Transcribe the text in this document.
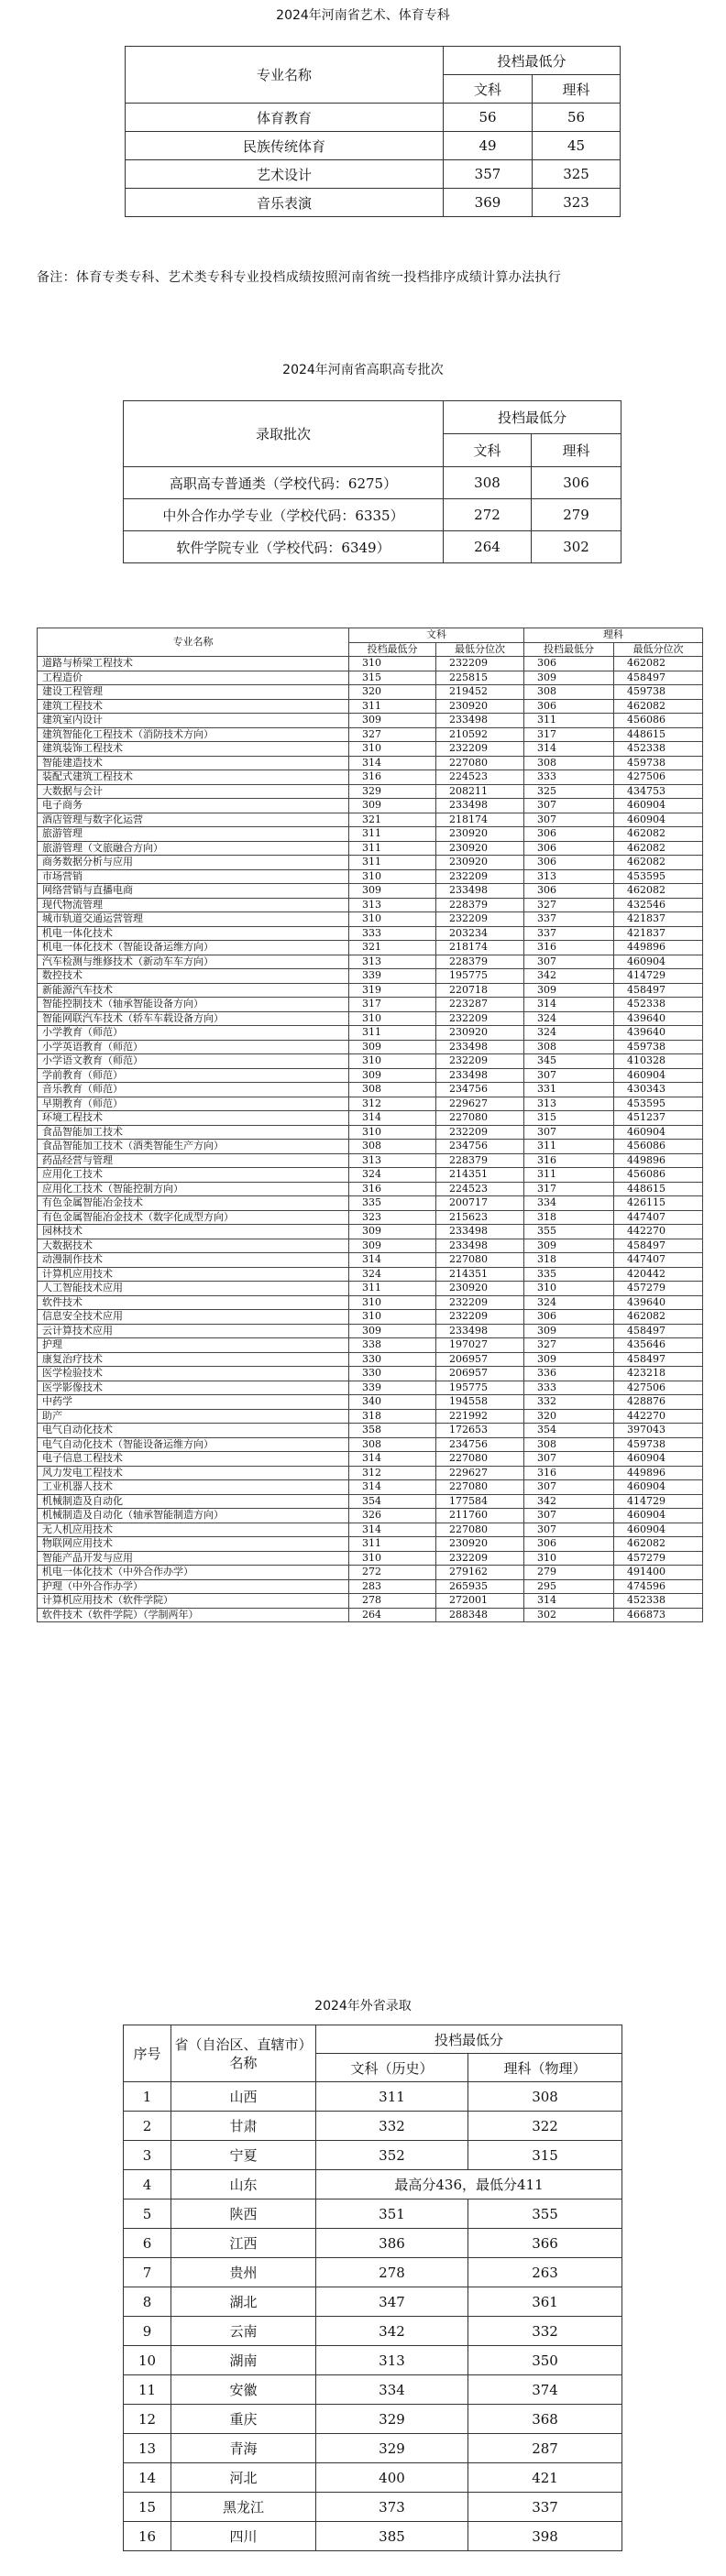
2024年河南省艺术、体育专科
专业名称	投档最低分	
	文科	理科
体育教育	56	56
民族传统体育	49	45
艺术设计	357	325
音乐表演	369	323
备注：体育专类专科、艺术类专科专业投档成绩按照河南省统一投档排序成绩计算办法执行
2024年河南省高职高专批次
录取批次	投档最低分	
	文科	理科
高职高专普通类（学校代码：6275）	308	306
中外合作办学专业（学校代码：6335）	272	279
软件学院专业（学校代码：6349）	264	302
专业名称	文科		理科	
	投档最低分	最低分位次	投档最低分	最低分位次
道路与桥梁工程技术	310	232209	306	462082
工程造价	315	225815	309	458497
建设工程管理	320	219452	308	459738
建筑工程技术	311	230920	306	462082
建筑室内设计	309	233498	311	456086
建筑智能化工程技术（消防技术方向）	327	210592	317	448615
建筑装饰工程技术	310	232209	314	452338
智能建造技术	314	227080	308	459738
装配式建筑工程技术	316	224523	333	427506
大数据与会计	329	208211	325	434753
电子商务	309	233498	307	460904
酒店管理与数字化运营	321	218174	307	460904
旅游管理	311	230920	306	462082
旅游管理（文旅融合方向）	311	230920	306	462082
商务数据分析与应用	311	230920	306	462082
市场营销	310	232209	313	453595
网络营销与直播电商	309	233498	306	462082
现代物流管理	313	228379	327	432546
城市轨道交通运营管理	310	232209	337	421837
机电一体化技术	333	203234	337	421837
机电一体化技术（智能设备运维方向）	321	218174	316	449896
汽车检测与维修技术（新动车车方向）	313	228379	307	460904
数控技术	339	195775	342	414729
新能源汽车技术	319	220718	309	458497
智能控制技术（轴承智能设备方向）	317	223287	314	452338
智能网联汽车技术（轿车车载设备方向）	310	232209	324	439640
小学教育（师范）	311	230920	324	439640
小学英语教育（师范）	309	233498	308	459738
小学语文教育（师范）	310	232209	345	410328
学前教育（师范）	309	233498	307	460904
音乐教育（师范）	308	234756	331	430343
早期教育（师范）	312	229627	313	453595
环境工程技术	314	227080	315	451237
食品智能加工技术	310	232209	307	460904
食品智能加工技术（酒类智能生产方向）	308	234756	311	456086
药品经营与管理	313	228379	316	449896
应用化工技术	324	214351	311	456086
应用化工技术（智能控制方向）	316	224523	317	448615
有色金属智能冶金技术	335	200717	334	426115
有色金属智能冶金技术（数字化成型方向）	323	215623	318	447407
园林技术	309	233498	355	442270
大数据技术	309	233498	309	458497
动漫制作技术	314	227080	318	447407
计算机应用技术	324	214351	335	420442
人工智能技术应用	311	230920	310	457279
软件技术	310	232209	324	439640
信息安全技术应用	310	232209	306	462082
云计算技术应用	309	233498	309	458497
护理	338	197027	327	435646
康复治疗技术	330	206957	309	458497
医学检验技术	330	206957	336	423218
医学影像技术	339	195775	333	427506
中药学	340	194558	332	428876
助产	318	221992	320	442270
电气自动化技术	358	172653	354	397043
电气自动化技术（智能设备运维方向）	308	234756	308	459738
电子信息工程技术	314	227080	307	460904
风力发电工程技术	312	229627	316	449896
工业机器人技术	314	227080	307	460904
机械制造及自动化	354	177584	342	414729
机械制造及自动化（轴承智能制造方向）	326	211760	307	460904
无人机应用技术	314	227080	307	460904
物联网应用技术	311	230920	306	462082
智能产品开发与应用	310	232209	310	457279
机电一体化技术（中外合作办学）	272	279162	279	491400
护理（中外合作办学）	283	265935	295	474596
计算机应用技术（软件学院）	278	272001	314	452338
软件技术（软件学院）（学制两年）	264	288348	302	466873
2024年外省录取
序号	省（自治区、直辖市）名称	投档最低分	
		文科（历史）	理科（物理）
1	山西	311	308
2	甘肃	332	322
3	宁夏	352	315
4	山东	最高分436，最低分411	
5	陕西	351	355
6	江西	386	366
7	贵州	278	263
8	湖北	347	361
9	云南	342	332
10	湖南	313	350
11	安徽	334	374
12	重庆	329	368
13	青海	329	287
14	河北	400	421
15	黑龙江	373	337
16	四川	385	398
